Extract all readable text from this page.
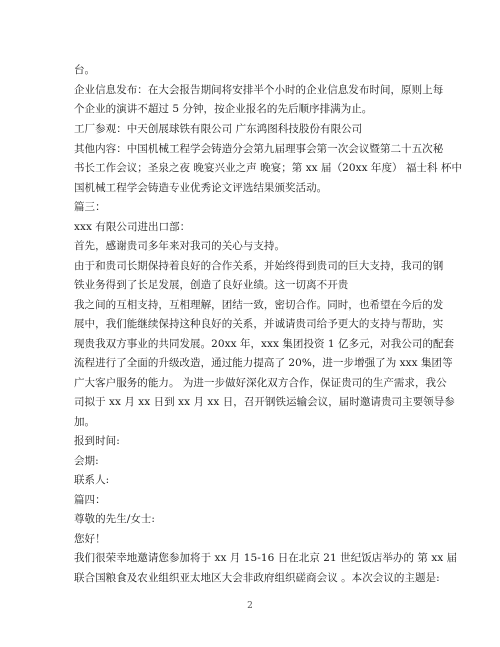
台。
企业信息发布：在大会报告期间将安排半个小时的企业信息发布时间，原则上每
个企业的演讲不超过 5 分钟，按企业报名的先后顺序排满为止。
工厂参观：中天创展球铁有限公司 广东鸿图科技股份有限公司
其他内容：中国机械工程学会铸造分会第九届理事会第一次会议暨第二十五次秘
书长工作会议；圣泉之夜 晚宴兴业之声 晚宴；第 xx 届（20xx 年度） 福士科 杯中
国机械工程学会铸造专业优秀论文评选结果颁奖活动。
篇三：
xxx 有限公司进出口部：
首先，感谢贵司多年来对我司的关心与支持。
由于和贵司长期保持着良好的合作关系，并始终得到贵司的巨大支持，我司的钢
铁业务得到了长足发展，创造了良好业绩。这一切离不开贵
我之间的互相支持，互相理解，团结一致，密切合作。同时，也希望在今后的发
展中，我们能继续保持这种良好的关系，并诚请贵司给予更大的支持与帮助，实
现贵我双方事业的共同发展。20xx 年，xxx 集团投资 1 亿多元，对我公司的配套
流程进行了全面的升级改造，通过能力提高了 20%，进一步增强了为 xxx 集团等
广大客户服务的能力。 为进一步做好深化双方合作，保证贵司的生产需求，我公
司拟于 xx 月 xx 日到 xx 月 xx 日，召开钢铁运输会议，届时邀请贵司主要领导参
加。
报到时间:
会期:
联系人:
篇四：
尊敬的先生/女士:
您好！
我们很荣幸地邀请您参加将于 xx 月 15-16 日在北京 21 世纪饭店举办的 第 xx 届
联合国粮食及农业组织亚太地区大会非政府组织磋商会议 。本次会议的主题是:
2
